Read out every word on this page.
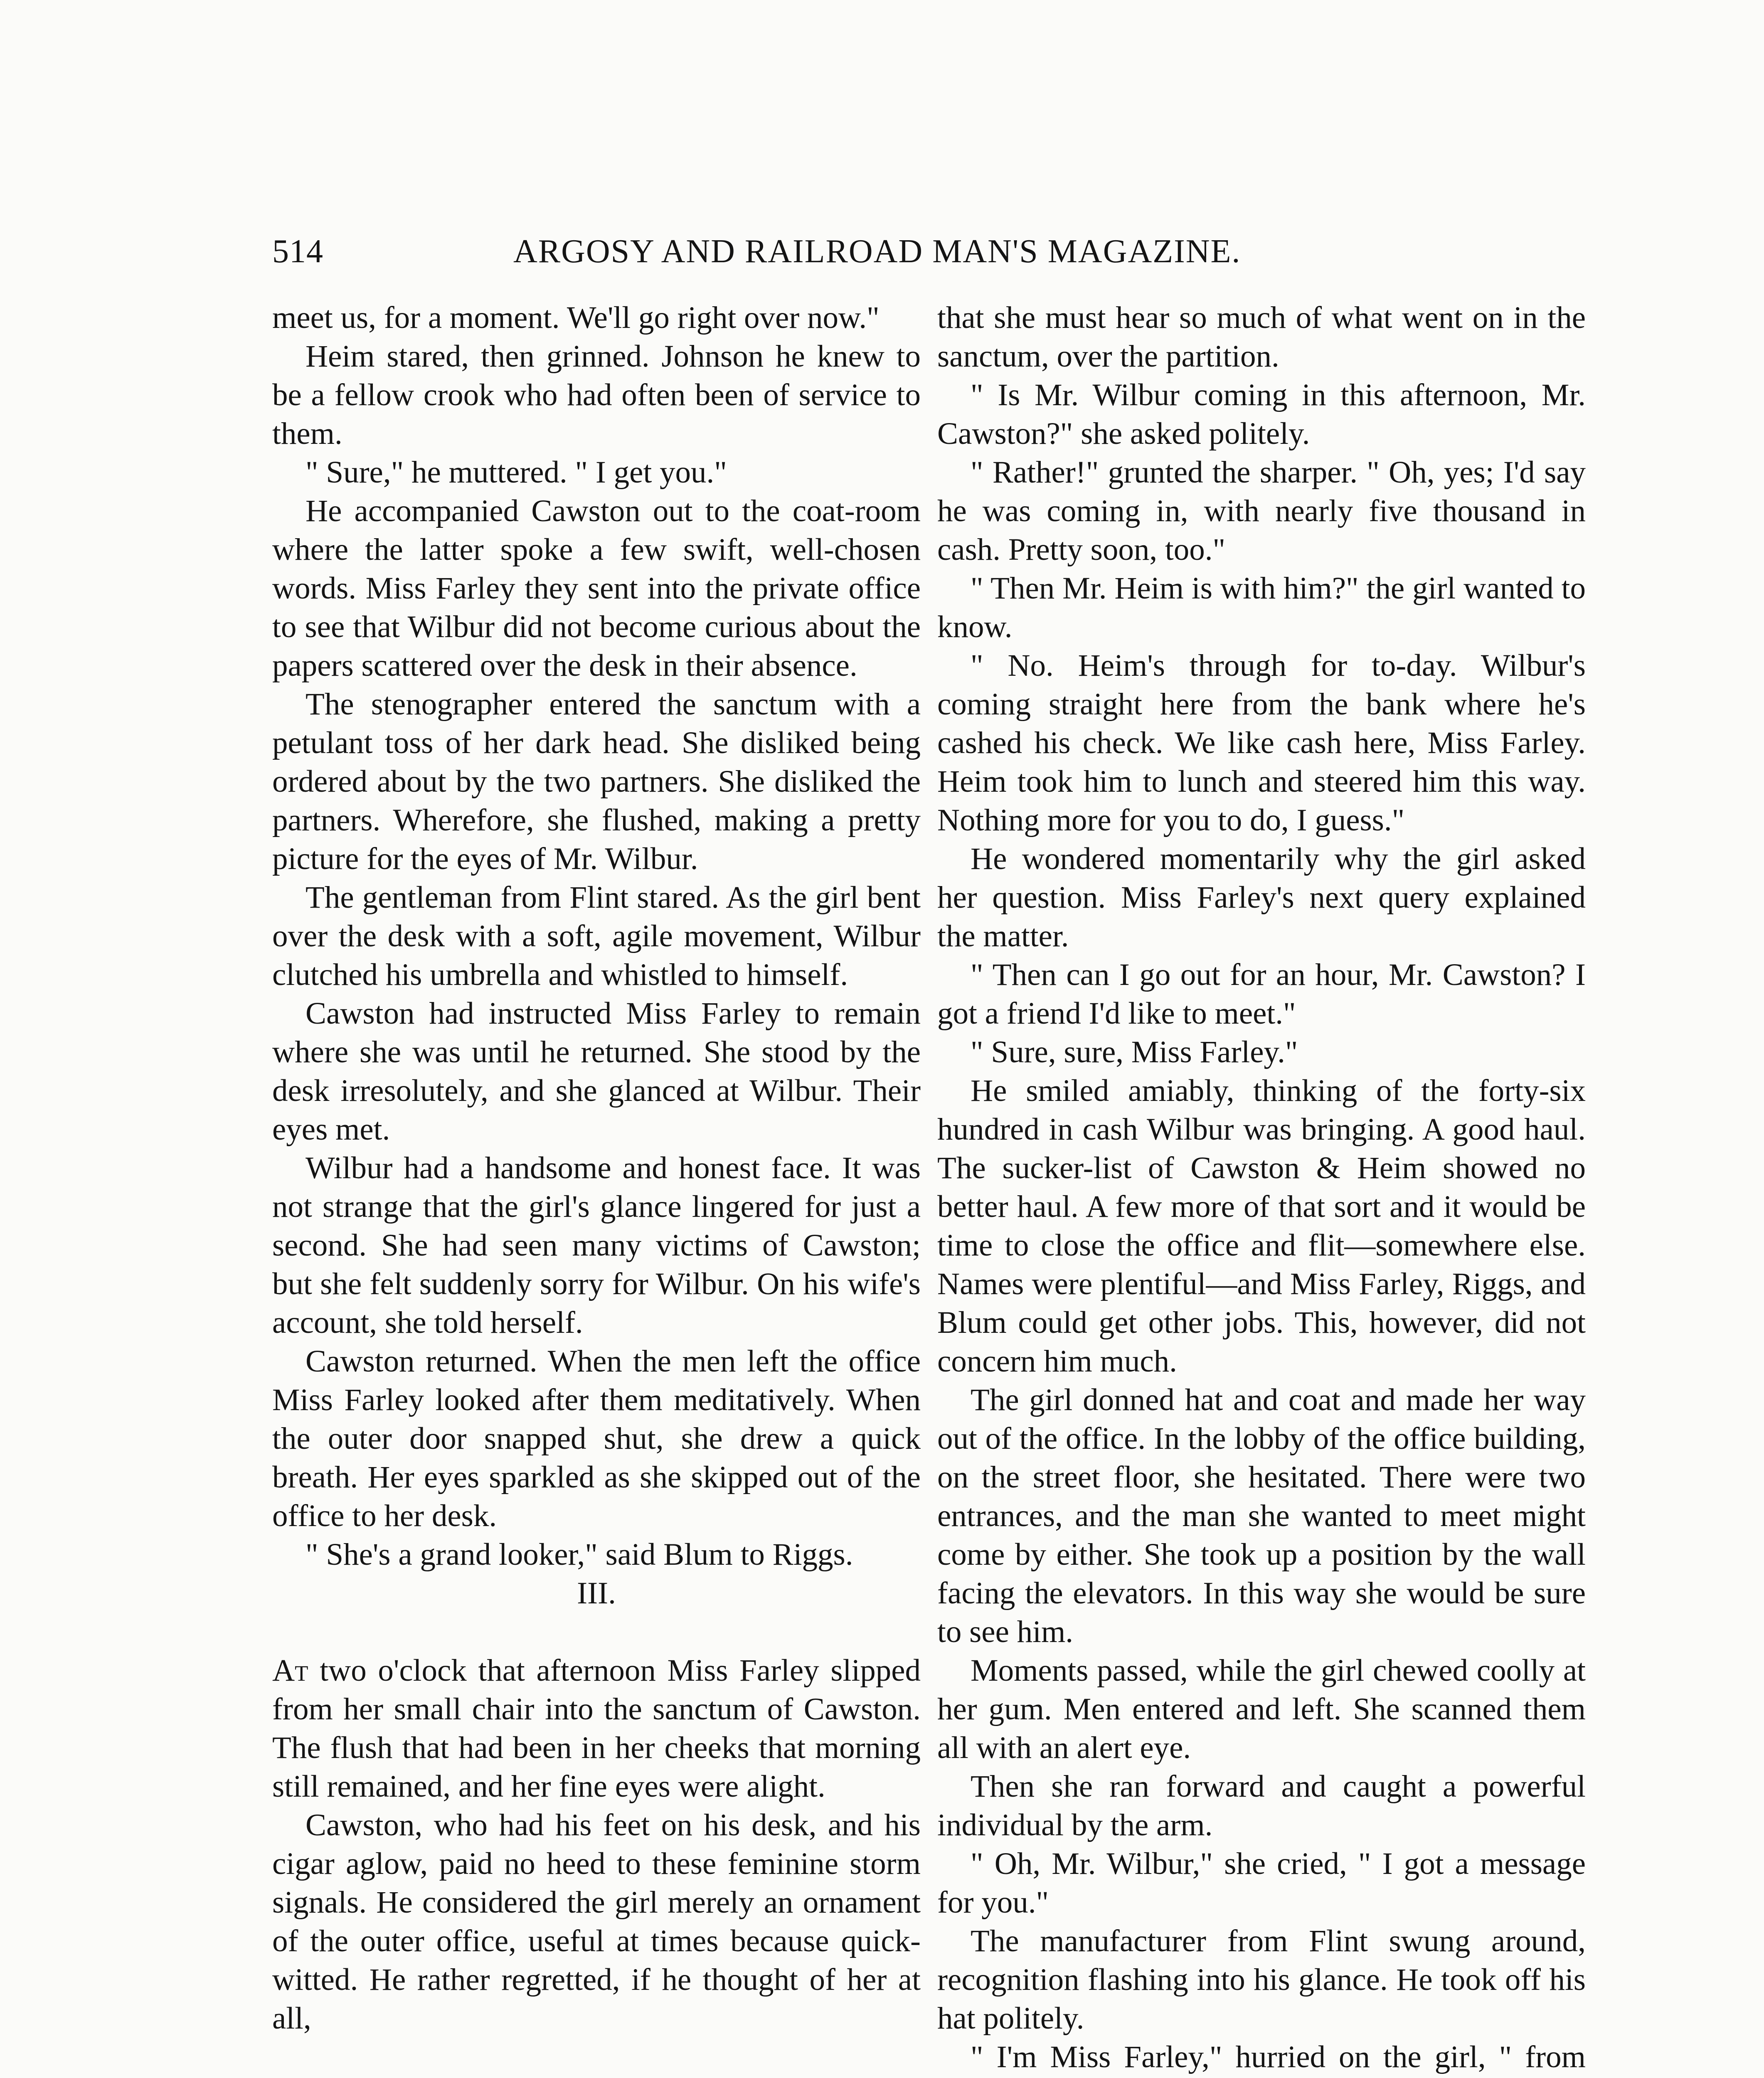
514	ARGOSY AND RAILROAD MAN'S MAGAZINE.

meet us, for a moment. We'll go right over now."

Heim stared, then grinned. Johnson he knew to be a fellow crook who had often been of service to them.

" Sure," he muttered. " I get you."

He accompanied Cawston out to the coat-room where the latter spoke a few swift, well-chosen words. Miss Farley they sent into the private office to see that Wilbur did not become curious about the papers scattered over the desk in their absence.

The stenographer entered the sanctum with a petulant toss of her dark head. She disliked being ordered about by the two partners. She disliked the partners. Wherefore, she flushed, making a pretty picture for the eyes of Mr. Wilbur.

The gentleman from Flint stared. As the girl bent over the desk with a soft, agile movement, Wilbur clutched his umbrella and whistled to himself.

Cawston had instructed Miss Farley to remain where she was until he returned. She stood by the desk irresolutely, and she glanced at Wilbur. Their eyes met.

Wilbur had a handsome and honest face. It was not strange that the girl's glance lingered for just a second. She had seen many victims of Cawston; but she felt suddenly sorry for Wilbur. On his wife's account, she told herself.

Cawston returned. When the men left the office Miss Farley looked after them meditatively. When the outer door snapped shut, she drew a quick breath. Her eyes sparkled as she skipped out of the office to her desk.

" She's a grand looker," said Blum to Riggs.

III.

At two o'clock that afternoon Miss Farley slipped from her small chair into the sanctum of Cawston. The flush that had been in her cheeks that morning still remained, and her fine eyes were alight.

Cawston, who had his feet on his desk, and his cigar aglow, paid no heed to these feminine storm signals. He considered the girl merely an ornament of the outer office, useful at times because quick-witted. He rather regretted, if he thought of her at all,

that she must hear so much of what went on in the sanctum, over the partition.

" Is Mr. Wilbur coming in this afternoon, Mr. Cawston?" she asked politely.

" Rather!" grunted the sharper. " Oh, yes; I'd say he was coming in, with nearly five thousand in cash. Pretty soon, too."

" Then Mr. Heim is with him?" the girl wanted to know.

" No. Heim's through for to-day. Wilbur's coming straight here from the bank where he's cashed his check. We like cash here, Miss Farley. Heim took him to lunch and steered him this way. Nothing more for you to do, I guess."

He wondered momentarily why the girl asked her question. Miss Farley's next query explained the matter.

" Then can I go out for an hour, Mr. Cawston? I got a friend I'd like to meet."

" Sure, sure, Miss Farley."

He smiled amiably, thinking of the forty-six hundred in cash Wilbur was bringing. A good haul. The sucker-list of Cawston & Heim showed no better haul. A few more of that sort and it would be time to close the office and flit—somewhere else. Names were plentiful—and Miss Farley, Riggs, and Blum could get other jobs. This, however, did not concern him much.

The girl donned hat and coat and made her way out of the office. In the lobby of the office building, on the street floor, she hesitated. There were two entrances, and the man she wanted to meet might come by either. She took up a position by the wall facing the elevators. In this way she would be sure to see him.

Moments passed, while the girl chewed coolly at her gum. Men entered and left. She scanned them all with an alert eye.

Then she ran forward and caught a powerful individual by the arm.

" Oh, Mr. Wilbur," she cried, " I got a message for you."

The manufacturer from Flint swung around, recognition flashing into his glance. He took off his hat politely.

" I'm Miss Farley," hurried on the girl, " from
